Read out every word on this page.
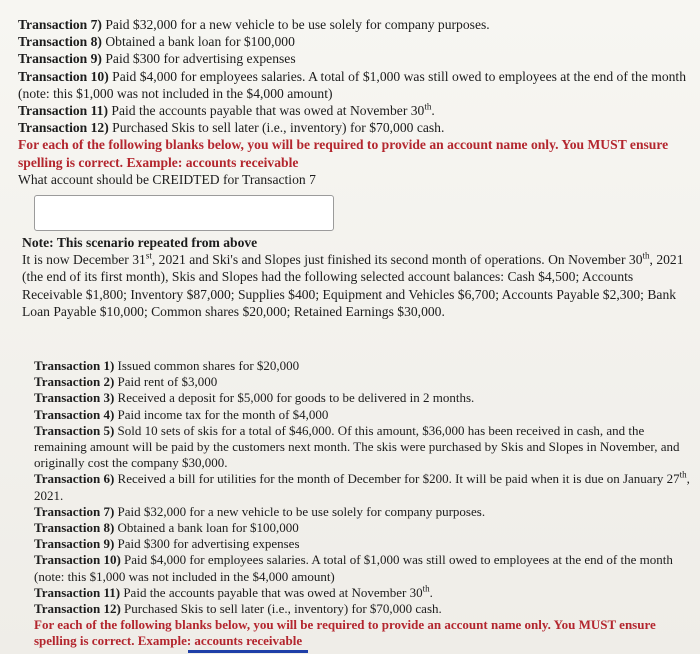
Transaction 7) Paid $32,000 for a new vehicle to be use solely for company purposes.

Transaction 8) Obtained a bank loan for $100,000

Transaction 9) Paid $300 for advertising expenses

Transaction 10) Paid $4,000 for employees salaries. A total of $1,000 was still owed to employees at the end of the month (note: this $1,000 was not included in the $4,000 amount)

Transaction 11) Paid the accounts payable that was owed at November 30th.

Transaction 12) Purchased Skis to sell later (i.e., inventory) for $70,000 cash.

For each of the following blanks below, you will be required to provide an account name only. You MUST ensure spelling is correct. Example: accounts receivable

What account should be CREIDTED for Transaction 7

Note: This scenario repeated from above

It is now December 31st, 2021 and Ski's and Slopes just finished its second month of operations. On November 30th, 2021 (the end of its first month), Skis and Slopes had the following selected account balances: Cash $4,500; Accounts Receivable $1,800; Inventory $87,000; Supplies $400; Equipment and Vehicles $6,700; Accounts Payable $2,300; Bank Loan Payable $10,000; Common shares $20,000; Retained Earnings $30,000.

Transaction 1) Issued common shares for $20,000

Transaction 2) Paid rent of $3,000

Transaction 3) Received a deposit for $5,000 for goods to be delivered in 2 months.

Transaction 4) Paid income tax for the month of $4,000

Transaction 5) Sold 10 sets of skis for a total of $46,000. Of this amount, $36,000 has been received in cash, and the remaining amount will be paid by the customers next month. The skis were purchased by Skis and Slopes in November, and originally cost the company $30,000.

Transaction 6) Received a bill for utilities for the month of December for $200. It will be paid when it is due on January 27th, 2021.

Transaction 7) Paid $32,000 for a new vehicle to be use solely for company purposes.

Transaction 8) Obtained a bank loan for $100,000

Transaction 9) Paid $300 for advertising expenses

Transaction 10) Paid $4,000 for employees salaries. A total of $1,000 was still owed to employees at the end of the month (note: this $1,000 was not included in the $4,000 amount)

Transaction 11) Paid the accounts payable that was owed at November 30th.

Transaction 12) Purchased Skis to sell later (i.e., inventory) for $70,000 cash.

For each of the following blanks below, you will be required to provide an account name only. You MUST ensure spelling is correct. Example: accounts receivable
